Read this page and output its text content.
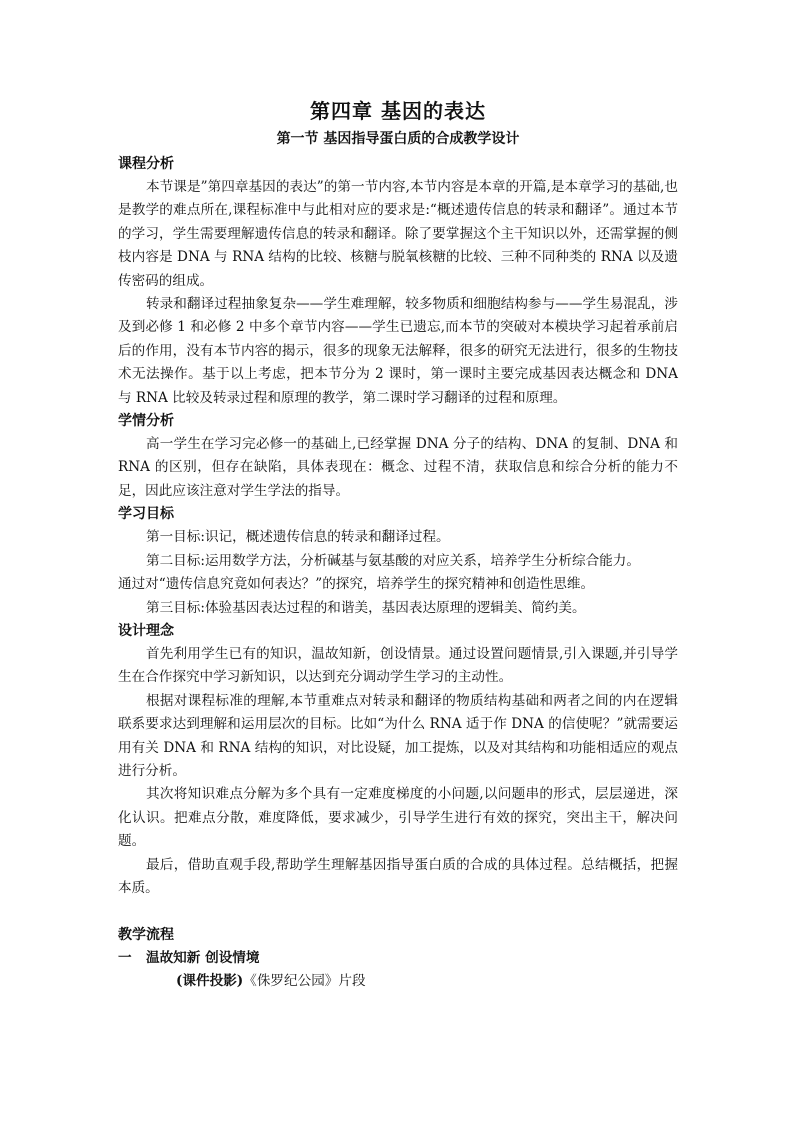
第四章 基因的表达
第一节 基因指导蛋白质的合成教学设计

课程分析

本节课是”第四章基因的表达”的第一节内容,本节内容是本章的开篇,是本章学习的基础,也是教学的难点所在,课程标准中与此相对应的要求是:“概述遗传信息的转录和翻译”。通过本节的学习，学生需要理解遗传信息的转录和翻译。除了要掌握这个主干知识以外，还需掌握的侧枝内容是 DNA 与 RNA 结构的比较、核糖与脱氧核糖的比较、三种不同种类的 RNA 以及遗传密码的组成。

转录和翻译过程抽象复杂——学生难理解，较多物质和细胞结构参与——学生易混乱，涉及到必修 1 和必修 2 中多个章节内容——学生已遗忘,而本节的突破对本模块学习起着承前启后的作用，没有本节内容的揭示，很多的现象无法解释，很多的研究无法进行，很多的生物技术无法操作。基于以上考虑，把本节分为 2 课时，第一课时主要完成基因表达概念和 DNA 与 RNA 比较及转录过程和原理的教学，第二课时学习翻译的过程和原理。

学情分析

高一学生在学习完必修一的基础上,已经掌握 DNA 分子的结构、DNA 的复制、DNA 和 RNA 的区别，但存在缺陷，具体表现在：概念、过程不清，获取信息和综合分析的能力不足，因此应该注意对学生学法的指导。

学习目标

第一目标:识记，概述遗传信息的转录和翻译过程。

第二目标:运用数学方法，分析碱基与氨基酸的对应关系，培养学生分析综合能力。

通过对“遗传信息究竟如何表达？”的探究，培养学生的探究精神和创造性思维。

第三目标:体验基因表达过程的和谐美，基因表达原理的逻辑美、简约美。

设计理念

首先利用学生已有的知识，温故知新，创设情景。通过设置问题情景,引入课题,并引导学生在合作探究中学习新知识，以达到充分调动学生学习的主动性。

根据对课程标准的理解,本节重难点对转录和翻译的物质结构基础和两者之间的内在逻辑联系要求达到理解和运用层次的目标。比如“为什么 RNA 适于作 DNA 的信使呢？”就需要运用有关 DNA 和 RNA 结构的知识，对比设疑，加工提炼，以及对其结构和功能相适应的观点进行分析。

其次将知识难点分解为多个具有一定难度梯度的小问题,以问题串的形式，层层递进，深化认识。把难点分散，难度降低，要求减少，引导学生进行有效的探究，突出主干，解决问题。

最后，借助直观手段,帮助学生理解基因指导蛋白质的合成的具体过程。总结概括，把握本质。

教学流程

一 温故知新 创设情境

(课件投影)《侏罗纪公园》片段
